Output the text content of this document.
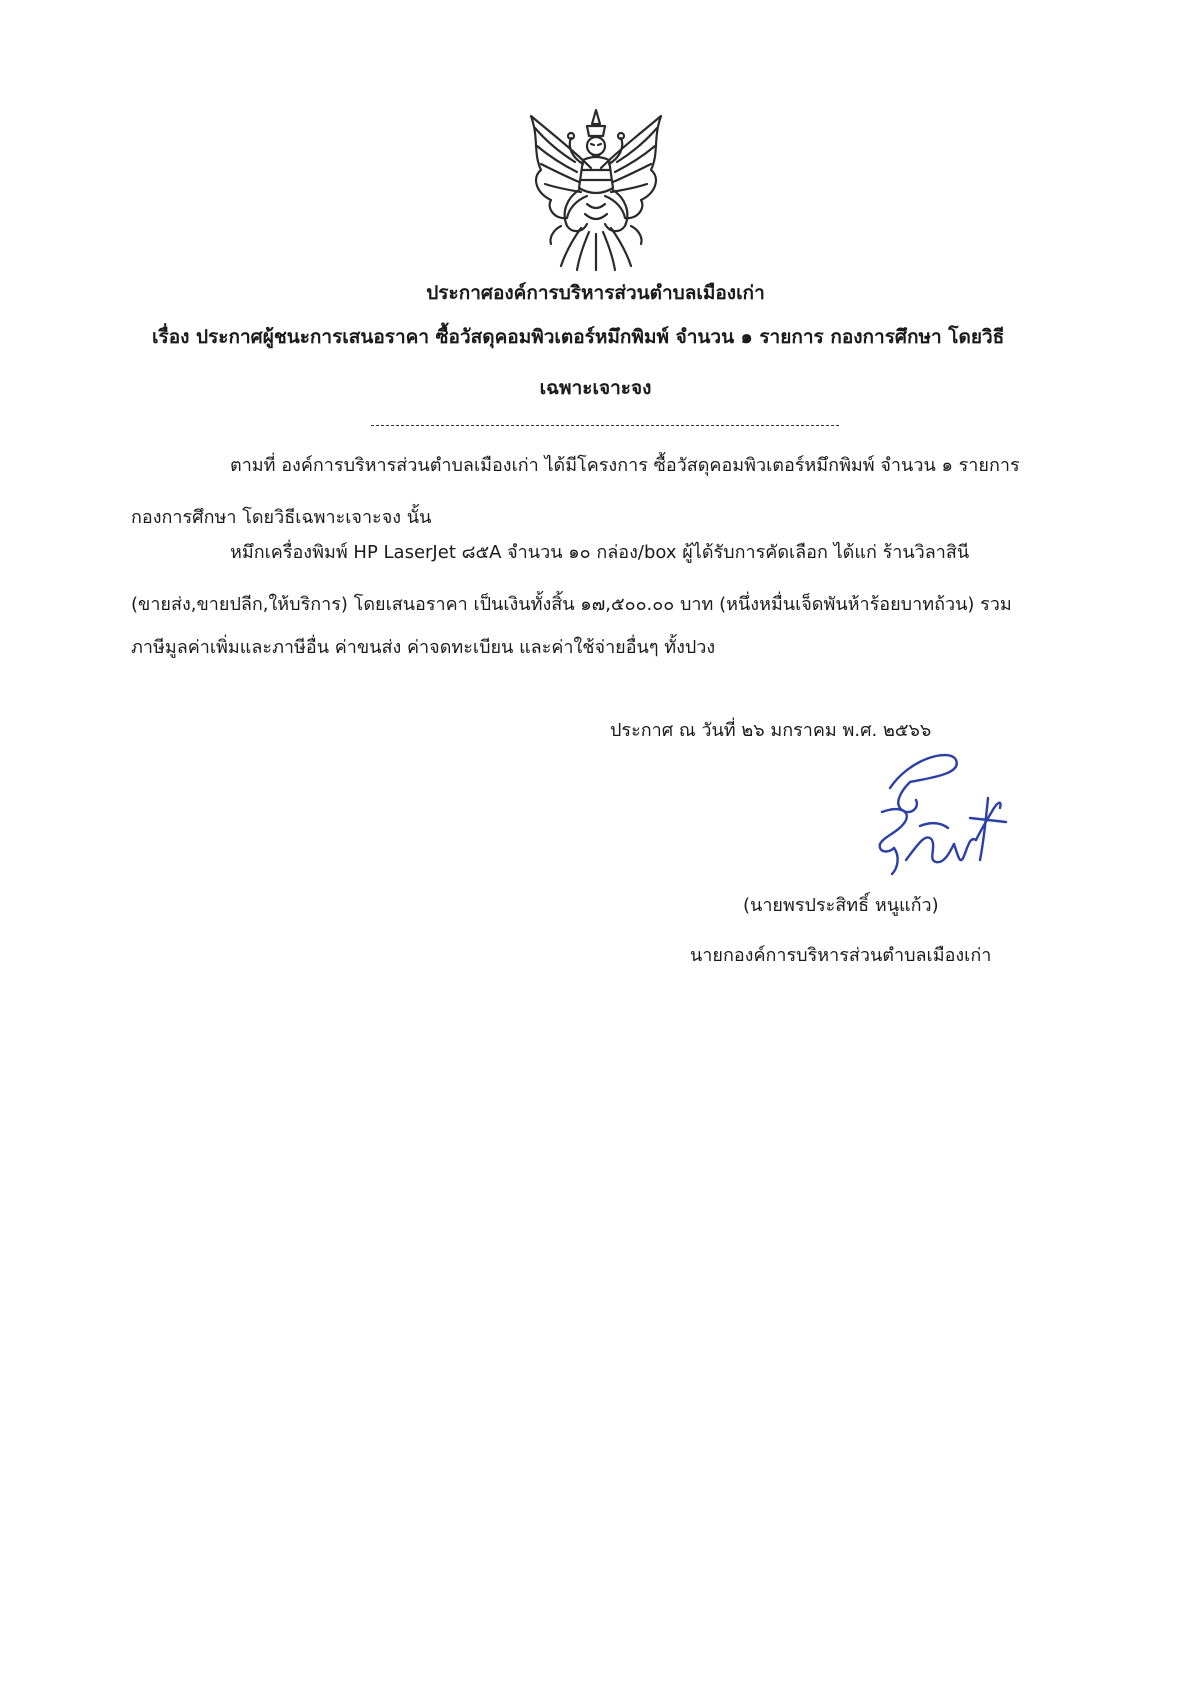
ประกาศองค์การบริหารส่วนตำบลเมืองเก่า
เรื่อง ประกาศผู้ชนะการเสนอราคา ซื้อวัสดุคอมพิวเตอร์หมึกพิมพ์ จำนวน ๑ รายการ กองการศึกษา โดยวิธี
เฉพาะเจาะจง
ตามที่ องค์การบริหารส่วนตำบลเมืองเก่า ได้มีโครงการ ซื้อวัสดุคอมพิวเตอร์หมึกพิมพ์ จำนวน ๑ รายการ
กองการศึกษา โดยวิธีเฉพาะเจาะจง นั้น
หมึกเครื่องพิมพ์ HP LaserJet ๘๕A จำนวน ๑๐ กล่อง/box ผู้ได้รับการคัดเลือก ได้แก่ ร้านวิลาสินี
(ขายส่ง,ขายปลีก,ให้บริการ) โดยเสนอราคา เป็นเงินทั้งสิ้น ๑๗,๕๐๐.๐๐ บาท (หนึ่งหมื่นเจ็ดพันห้าร้อยบาทถ้วน) รวม
ภาษีมูลค่าเพิ่มและภาษีอื่น ค่าขนส่ง ค่าจดทะเบียน และค่าใช้จ่ายอื่นๆ ทั้งปวง
ประกาศ ณ วันที่ ๒๖ มกราคม พ.ศ. ๒๕๖๖
(นายพรประสิทธิ์ หนูแก้ว)
นายกองค์การบริหารส่วนตำบลเมืองเก่า
